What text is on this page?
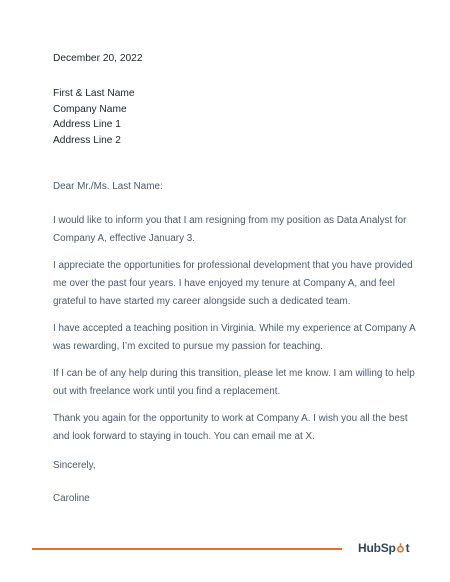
December 20, 2022
First & Last Name
Company Name
Address Line 1
Address Line 2
Dear Mr./Ms. Last Name:
I would like to inform you that I am resigning from my position as Data Analyst for Company A, effective January 3.
I appreciate the opportunities for professional development that you have provided me over the past four years. I have enjoyed my tenure at Company A, and feel grateful to have started my career alongside such a dedicated team.
I have accepted a teaching position in Virginia. While my experience at Company A was rewarding, I’m excited to pursue my passion for teaching.
If I can be of any help during this transition, please let me know. I am willing to help out with freelance work until you find a replacement.
Thank you again for the opportunity to work at Company A. I wish you all the best and look forward to staying in touch. You can email me at X.
Sincerely,
Caroline
HubSp t
